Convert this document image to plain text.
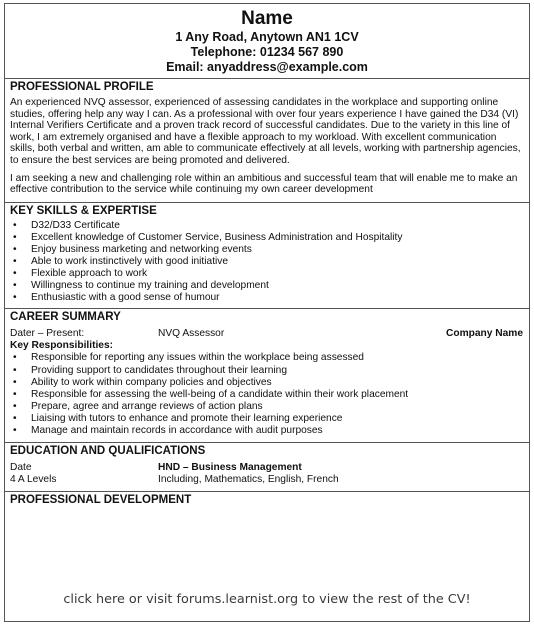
Name
1 Any Road, Anytown AN1 1CV
Telephone: 01234 567 890
Email: anyaddress@example.com
PROFESSIONAL PROFILE
An experienced NVQ assessor, experienced of assessing candidates in the workplace and supporting online studies, offering help any way I can. As a professional with over four years experience I have gained the D34 (VI) Internal Verifiers Certificate and a proven track record of successful candidates. Due to the variety in this line of work, I am extremely organised and have a flexible approach to my workload. With excellent communication skills, both verbal and written, am able to communicate effectively at all levels, working with partnership agencies, to ensure the best services are being promoted and delivered.
I am seeking a new and challenging role within an ambitious and successful team that will enable me to make an effective contribution to the service while continuing my own career development
KEY SKILLS & EXPERTISE
• D32/D33 Certificate
• Excellent knowledge of Customer Service, Business Administration and Hospitality
• Enjoy business marketing and networking events
• Able to work instinctively with good initiative
• Flexible approach to work
• Willingness to continue my training and development
• Enthusiastic with a good sense of humour
CAREER SUMMARY
Dater – Present:	NVQ Assessor	Company Name
Key Responsibilities:
• Responsible for reporting any issues within the workplace being assessed
• Providing support to candidates throughout their learning
• Ability to work within company policies and objectives
• Responsible for assessing the well-being of a candidate within their work placement
• Prepare, agree and arrange reviews of action plans
• Liaising with tutors to enhance and promote their learning experience
• Manage and maintain records in accordance with audit purposes
EDUCATION AND QUALIFICATIONS
Date	HND – Business Management
4 A Levels	Including, Mathematics, English, French
PROFESSIONAL DEVELOPMENT
click here or visit forums.learnist.org to view the rest of the CV!
